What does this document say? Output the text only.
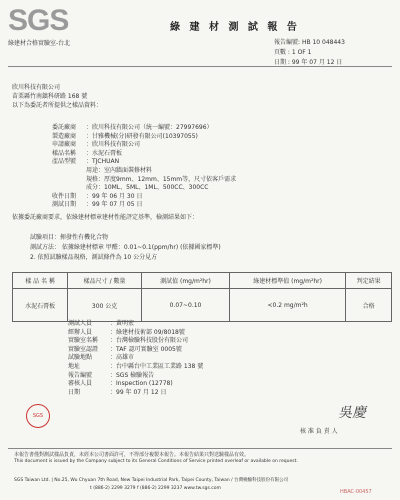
SGS
綠建材合格實驗室-台北
綠 建 材 測 試 報 告
報告編號: HB 10 048443
頁數 : 1 OF 1
日期 : 99 年 07 月 12 日
欣川科技有限公司
苗栗縣竹南鎮科研路 168 號
以下為委託者所提供之樣品資料：
委託廠商 ：欣川科技有限公司（統一編號：27997696）
製造廠商 ：甘雅機械(分)研發有限公司(10397055)
申請廠商 ：欣川科技有限公司
樣品名稱 ：水泥石膏板
產品型號 ：TJCHUAN
用途：室內牆面裝修材料
規格：厚度9mm、12mm、15mm等，尺寸依客戶需求
成分：10ML、5ML、1ML、500CC、300CC
收件日期 ：99 年 06 月 30 日
測試日期 ：99 年 07 月 05 日
依據委託廠商要求，依綠建材標章建材性能評定基準，檢測結果如下：
試驗項目：揮發性有機化合物
測試方法： 依據綠建材標章 甲醛：0.01~0.1(ppm/hr) (依據國家標準)
2. 依照試驗樣品規格，測試條件為 10 公分見方
樣 品 名 稱	樣品尺寸 / 數量	測試值 (mg/m²hr)	綠建材標準值 (mg/m²hr)	判定結果
水泥石膏板	300 公克	0.07~0.10	<0.2 mg/m²h	合格
測試人員	：黃明宏
經辦人員	：綠建材技術部 09/8018號
實驗室名稱 ：台灣檢驗科技股份有限公司
實驗室認證 ：TAF 認可實驗室 0005號
試驗地點	：高雄市
地址	：台中縣台中工業區工業路 138 號
報告編號	：SGS 檢驗報告
審核人員	：Inspection (12778)
日期	：99 年 07 月 12 日
吳慶
核 准 負 責 人
SGS
本報告書僅對測試樣品負責，未經本公司書面許可，不得部分複製本報告。本報告結果只對送驗樣品有效。
This document is issued by the Company subject to its General Conditions of Service printed overleaf or available on request.
SGS Taiwan Ltd. | No.25, Wu Chyuan 7th Road, New Taipei Industrial Park, Taipei County, Taiwan / 台灣檢驗科技股份有限公司
t (886-2) 2299 3279 f (886-2) 2299 3237 www.tw.sgs.com
HBAC-00457
